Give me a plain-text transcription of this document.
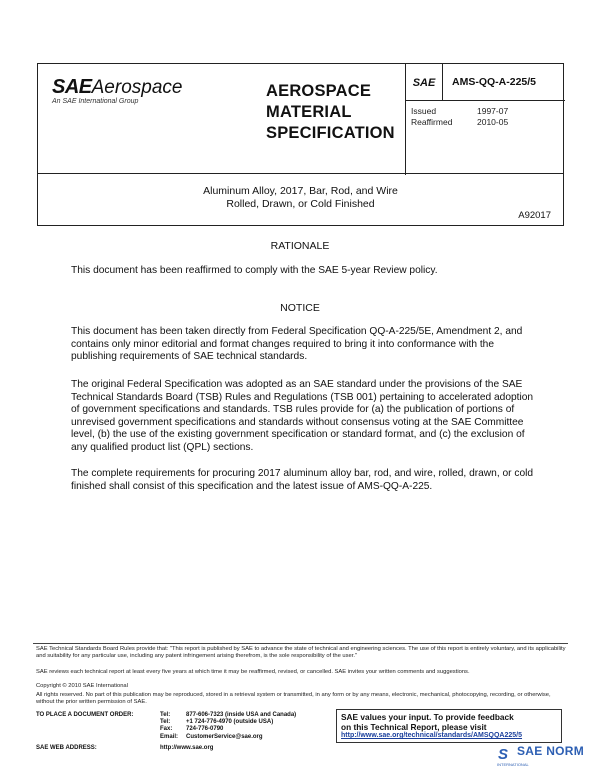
SAEAerospace
An SAE International Group
AEROSPACE
MATERIAL
SPECIFICATION
SAE	AMS-QQ-A-225/5
Issued	1997-07
Reaffirmed	2010-05
Aluminum Alloy, 2017, Bar, Rod, and Wire
Rolled, Drawn, or Cold Finished
A92017
RATIONALE
This document has been reaffirmed to comply with the SAE 5-year Review policy.
NOTICE
This document has been taken directly from Federal Specification QQ-A-225/5E, Amendment 2, and contains only minor editorial and format changes required to bring it into conformance with the publishing requirements of SAE technical standards.
The original Federal Specification was adopted as an SAE standard under the provisions of the SAE Technical Standards Board (TSB) Rules and Regulations (TSB 001) pertaining to accelerated adoption of government specifications and standards. TSB rules provide for (a) the publication of portions of unrevised government specifications and standards without consensus voting at the SAE Committee level, (b) the use of the existing government specification or standard format, and (c) the exclusion of any qualified product list (QPL) sections.
The complete requirements for procuring 2017 aluminum alloy bar, rod, and wire, rolled, drawn, or cold finished shall consist of this specification and the latest issue of AMS-QQ-A-225.
SAE Technical Standards Board Rules provide that: "This report is published by SAE to advance the state of technical and engineering sciences. The use of this report is entirely voluntary, and its applicability and suitability for any particular use, including any patent infringement arising therefrom, is the sole responsibility of the user."
SAE reviews each technical report at least every five years at which time it may be reaffirmed, revised, or cancelled. SAE invites your written comments and suggestions.
Copyright © 2010 SAE International
All rights reserved. No part of this publication may be reproduced, stored in a retrieval system or transmitted, in any form or by any means, electronic, mechanical, photocopying, recording, or otherwise, without the prior written permission of SAE.
TO PLACE A DOCUMENT ORDER:	Tel:	877-606-7323 (inside USA and Canada)
Tel:	+1 724-776-4970 (outside USA)
Fax:	724-776-0790
Email:	CustomerService@sae.org
SAE WEB ADDRESS:	http://www.sae.org
SAE values your input. To provide feedback
on this Technical Report, please visit
http://www.sae.org/technical/standards/AMSQQA225/5
S SAE NORM
INTERNATIONAL
